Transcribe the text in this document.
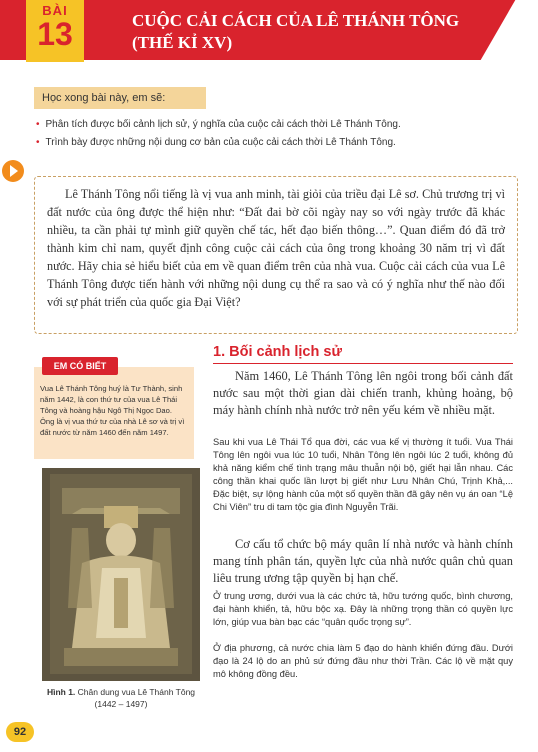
BÀI
13	CUỘC CẢI CÁCH CỦA LÊ THÁNH TÔNG
(THẾ KỈ XV)
Học xong bài này, em sẽ:
• Phân tích được bối cảnh lịch sử, ý nghĩa của cuộc cải cách thời Lê Thánh Tông.
• Trình bày được những nội dung cơ bản của cuộc cải cách thời Lê Thánh Tông.
Lê Thánh Tông nổi tiếng là vị vua anh minh, tài giỏi của triều đại Lê sơ. Chủ trương trị vì đất nước của ông được thể hiện như: “Đất đai bờ cõi ngày nay so với ngày trước đã khác nhiều, ta cần phải tự mình giữ quyền chế tác, hết đạo biến thông…”. Quan điểm đó đã trở thành kim chỉ nam, quyết định công cuộc cải cách của ông trong khoảng 30 năm trị vì đất nước. Hãy chia sẻ hiểu biết của em về quan điểm trên của nhà vua. Cuộc cải cách của vua Lê Thánh Tông được tiến hành với những nội dung cụ thể ra sao và có ý nghĩa như thế nào đối với sự phát triển của quốc gia Đại Việt?
Vua Lê Thánh Tông huý là Tư Thành, sinh năm 1442, là con thứ tư của vua Lê Thái Tông và hoàng hậu Ngô Thị Ngọc Dao. Ông là vị vua thứ tư của nhà Lê sơ và trị vì đất nước từ năm 1460 đến năm 1497.
EM CÓ BIẾT
Hình 1. Chân dung vua Lê Thánh Tông
(1442 – 1497)
1. Bối cảnh lịch sử
Năm 1460, Lê Thánh Tông lên ngôi trong bối cảnh đất nước sau một thời gian dài chiến tranh, khủng hoảng, bộ máy hành chính nhà nước trở nên yếu kém về nhiều mặt.
Sau khi vua Lê Thái Tổ qua đời, các vua kế vị thường ít tuổi. Vua Thái Tông lên ngôi vua lúc 10 tuổi, Nhân Tông lên ngôi lúc 2 tuổi, không đủ khả năng kiểm chế tình trạng mâu thuẫn nội bộ, giết hại lẫn nhau. Các công thần khai quốc lần lượt bị giết như Lưu Nhân Chú, Trịnh Khả,... Đặc biệt, sự lộng hành của một số quyền thần đã gây nên vụ án oan “Lệ Chi Viên” tru di tam tộc gia đình Nguyễn Trãi.
Cơ cấu tổ chức bộ máy quân lí nhà nước và hành chính mang tính phân tán, quyền lực của nhà nước quân chủ quan liêu trung ương tập quyền bị hạn chế.
Ở trung ương, dưới vua là các chức tả, hữu tướng quốc, bình chương, đại hành khiển, tả, hữu bộc xạ. Đây là những trọng thần có quyền lực lớn, giúp vua bàn bạc các “quân quốc trọng sự”.
Ở địa phương, cả nước chia làm 5 đạo do hành khiển đứng đầu. Dưới đạo là 24 lộ do an phủ sứ đứng đầu như thời Trần. Các lộ về mặt quy mô không đồng đều.
92
